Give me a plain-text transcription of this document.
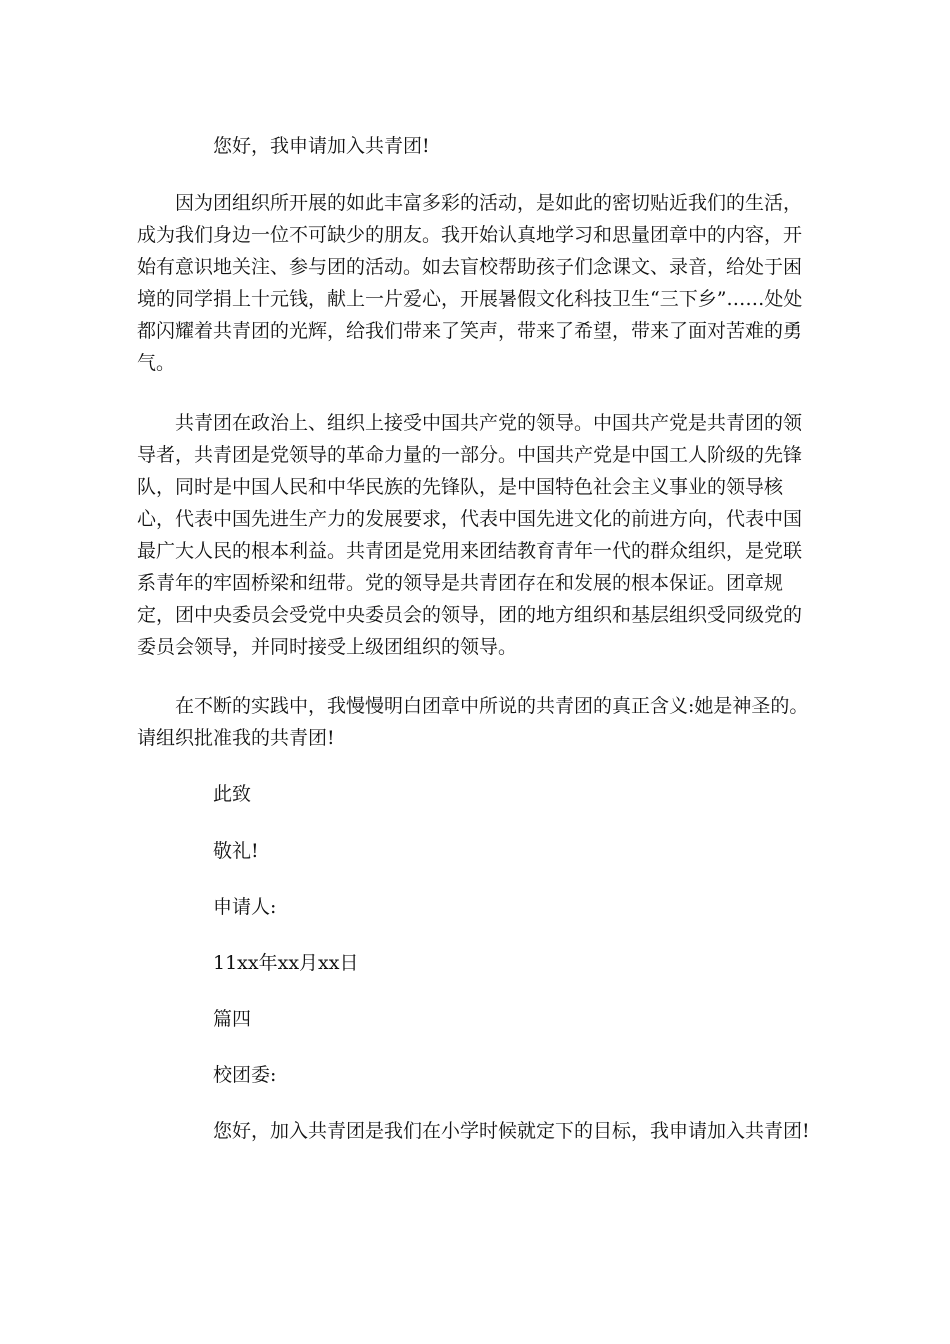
您好，我申请加入共青团!

因为团组织所开展的如此丰富多彩的活动，是如此的密切贴近我们的生活，成为我们身边一位不可缺少的朋友。我开始认真地学习和思量团章中的内容，开始有意识地关注、参与团的活动。如去盲校帮助孩子们念课文、录音，给处于困境的同学捐上十元钱，献上一片爱心，开展暑假文化科技卫生“三下乡”……处处都闪耀着共青团的光辉，给我们带来了笑声，带来了希望，带来了面对苦难的勇气。

共青团在政治上、组织上接受中国共产党的领导。中国共产党是共青团的领导者，共青团是党领导的革命力量的一部分。中国共产党是中国工人阶级的先锋队，同时是中国人民和中华民族的先锋队，是中国特色社会主义事业的领导核心，代表中国先进生产力的发展要求，代表中国先进文化的前进方向，代表中国最广大人民的根本利益。共青团是党用来团结教育青年一代的群众组织，是党联系青年的牢固桥梁和纽带。党的领导是共青团存在和发展的根本保证。团章规定，团中央委员会受党中央委员会的领导，团的地方组织和基层组织受同级党的委员会领导，并同时接受上级团组织的领导。

在不断的实践中，我慢慢明白团章中所说的共青团的真正含义:她是神圣的。请组织批准我的共青团!

此致

敬礼!

申请人:

11xx年xx月xx日

篇四

校团委:

您好，加入共青团是我们在小学时候就定下的目标，我申请加入共青团!
